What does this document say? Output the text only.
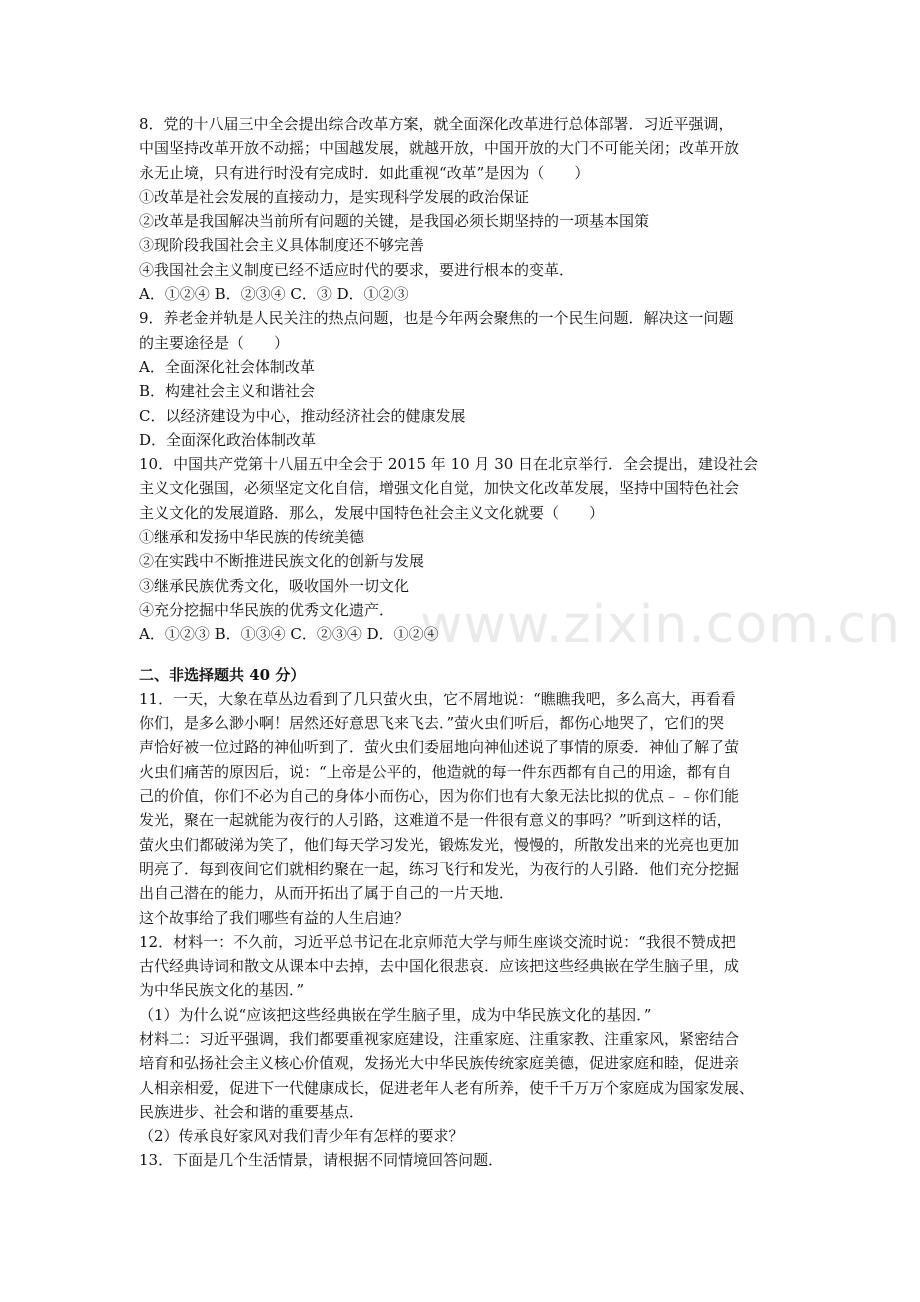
www.zixin.com.cn
8．党的十八届三中全会提出综合改革方案，就全面深化改革进行总体部署．习近平强调，
中国坚持改革开放不动摇；中国越发展，就越开放，中国开放的大门不可能关闭；改革开放
永无止境，只有进行时没有完成时．如此重视“改革”是因为（　　）
①改革是社会发展的直接动力，是实现科学发展的政治保证
②改革是我国解决当前所有问题的关键，是我国必须长期坚持的一项基本国策
③现阶段我国社会主义具体制度还不够完善
④我国社会主义制度已经不适应时代的要求，要进行根本的变革．
A．①②④ B．②③④ C．③ D．①②③
9．养老金并轨是人民关注的热点问题，也是今年两会聚焦的一个民生问题．解决这一问题
的主要途径是（　　）
A．全面深化社会体制改革
B．构建社会主义和谐社会
C．以经济建设为中心，推动经济社会的健康发展
D．全面深化政治体制改革
10．中国共产党第十八届五中全会于 2015 年 10 月 30 日在北京举行．全会提出，建设社会
主义文化强国，必须坚定文化自信，增强文化自觉，加快文化改革发展，坚持中国特色社会
主义文化的发展道路．那么，发展中国特色社会主义文化就要（　　）
①继承和发扬中华民族的传统美德
②在实践中不断推进民族文化的创新与发展
③继承民族优秀文化，吸收国外一切文化
④充分挖掘中华民族的优秀文化遗产．
A．①②③ B．①③④ C．②③④ D．①②④
二、非选择题共 40 分）
11．一天，大象在草丛边看到了几只萤火虫，它不屑地说：“瞧瞧我吧，多么高大，再看看
你们，是多么渺小啊！居然还好意思飞来飞去．”萤火虫们听后，都伤心地哭了，它们的哭
声恰好被一位过路的神仙听到了．萤火虫们委屈地向神仙述说了事情的原委．神仙了解了萤
火虫们痛苦的原因后，说：“上帝是公平的，他造就的每一件东西都有自己的用途，都有自
己的价值，你们不必为自己的身体小而伤心，因为你们也有大象无法比拟的优点﹣﹣你们能
发光，聚在一起就能为夜行的人引路，这难道不是一件很有意义的事吗？”听到这样的话，
萤火虫们都破涕为笑了，他们每天学习发光，锻炼发光，慢慢的，所散发出来的光亮也更加
明亮了．每到夜间它们就相约聚在一起，练习飞行和发光，为夜行的人引路．他们充分挖掘
出自己潜在的能力，从而开拓出了属于自己的一片天地．
这个故事给了我们哪些有益的人生启迪？
12．材料一：不久前，习近平总书记在北京师范大学与师生座谈交流时说：“我很不赞成把
古代经典诗词和散文从课本中去掉，去中国化很悲哀．应该把这些经典嵌在学生脑子里，成
为中华民族文化的基因．”
（1）为什么说“应该把这些经典嵌在学生脑子里，成为中华民族文化的基因．”
材料二：习近平强调，我们都要重视家庭建设，注重家庭、注重家教、注重家风，紧密结合
培育和弘扬社会主义核心价值观，发扬光大中华民族传统家庭美德，促进家庭和睦，促进亲
人相亲相爱，促进下一代健康成长，促进老年人老有所养，使千千万万个家庭成为国家发展、
民族进步、社会和谐的重要基点．
（2）传承良好家风对我们青少年有怎样的要求？
13．下面是几个生活情景，请根据不同情境回答问题．
